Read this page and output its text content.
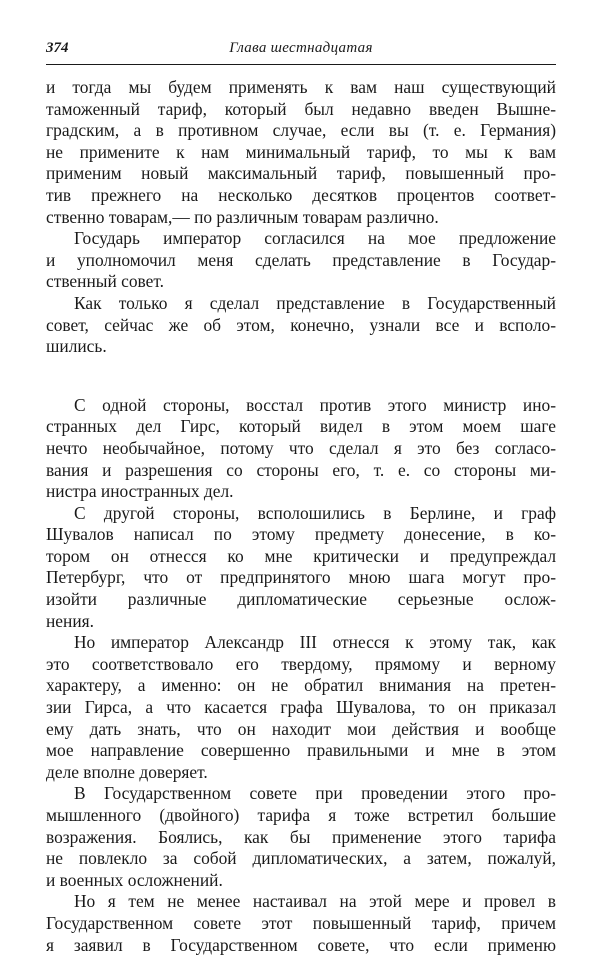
374	Глава шестнадцатая
и тогда мы будем применять к вам наш существующий
таможенный тариф, который был недавно введен Вышне-
градским, а в противном случае, если вы (т. е. Германия)
не примените к нам минимальный тариф, то мы к вам
применим новый максимальный тариф, повышенный про-
тив прежнего на несколько десятков процентов соответ-
ственно товарам,— по различным товарам различно.
Государь император согласился на мое предложение
и уполномочил меня сделать представление в Государ-
ственный совет.
Как только я сделал представление в Государственный
совет, сейчас же об этом, конечно, узнали все и всполо-
шились.
С одной стороны, восстал против этого министр ино-
странных дел Гирс, который видел в этом моем шаге
нечто необычайное, потому что сделал я это без согласо-
вания и разрешения со стороны его, т. е. со стороны ми-
нистра иностранных дел.
С другой стороны, всполошились в Берлине, и граф
Шувалов написал по этому предмету донесение, в ко-
тором он отнесся ко мне критически и предупреждал
Петербург, что от предпринятого мною шага могут про-
изойти различные дипломатические серьезные ослож-
нения.
Но император Александр III отнесся к этому так, как
это соответствовало его твердому, прямому и верному
характеру, а именно: он не обратил внимания на претен-
зии Гирса, а что касается графа Шувалова, то он приказал
ему дать знать, что он находит мои действия и вообще
мое направление совершенно правильными и мне в этом
деле вполне доверяет.
В Государственном совете при проведении этого про-
мышленного (двойного) тарифа я тоже встретил большие
возражения. Боялись, как бы применение этого тарифа
не повлекло за собой дипломатических, а затем, пожалуй,
и военных осложнений.
Но я тем не менее настаивал на этой мере и провел в
Государственном совете этот повышенный тариф, причем
я заявил в Государственном совете, что если применю
